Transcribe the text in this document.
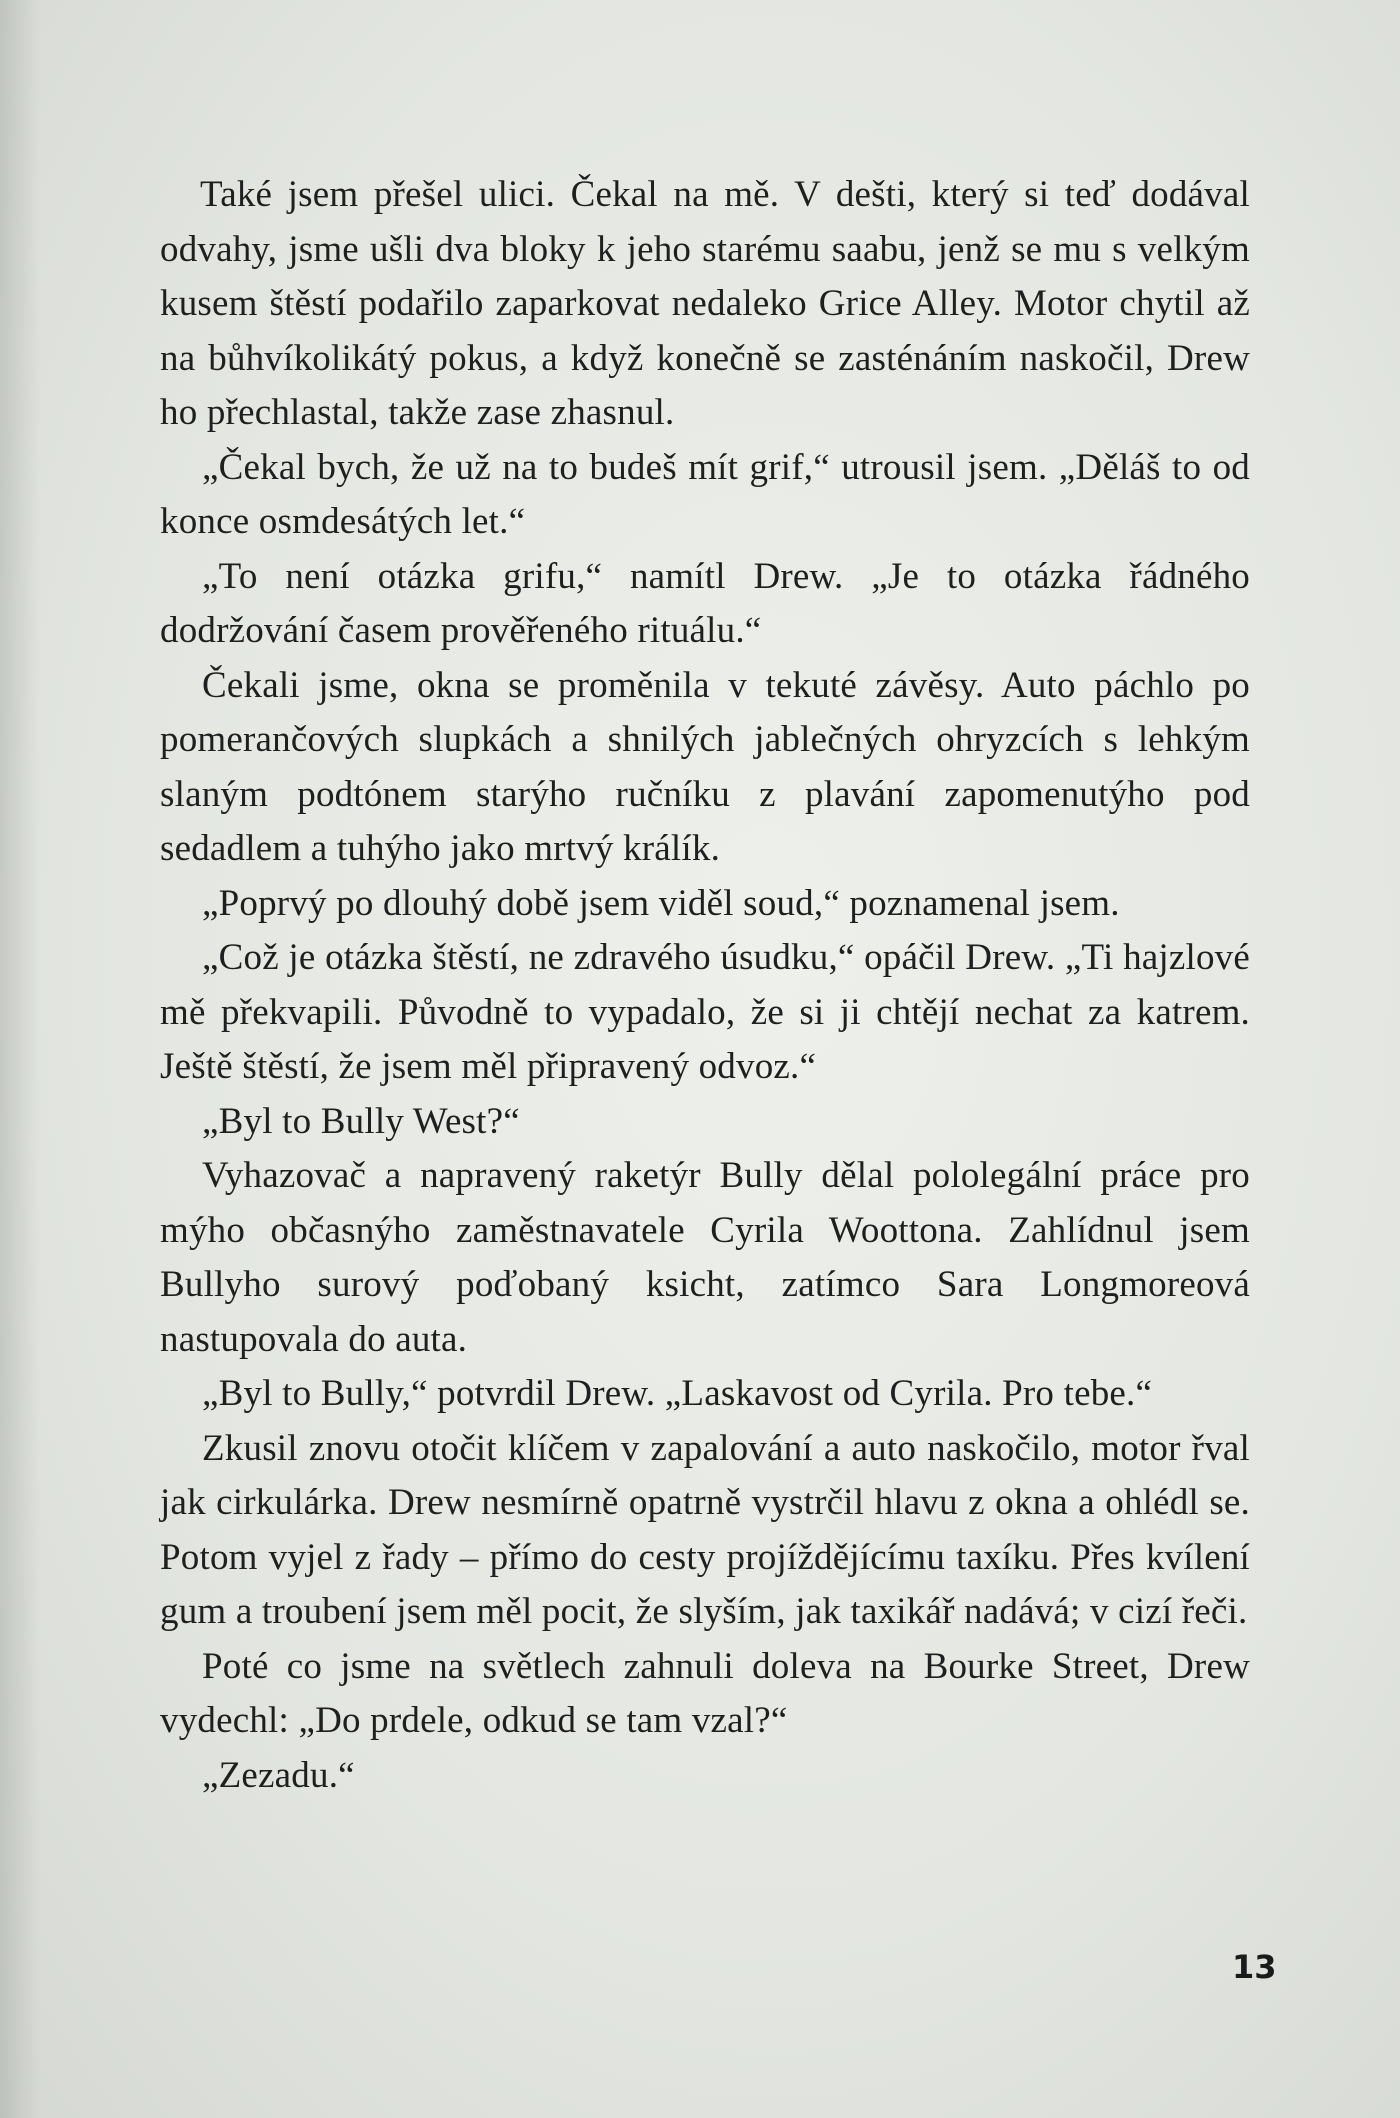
Také jsem přešel ulici. Čekal na mě. V dešti, který si teď dodával odvahy, jsme ušli dva bloky k jeho starému saabu, jenž se mu s velkým kusem štěstí podařilo zaparkovat nedaleko Grice Alley. Motor chytil až na bůhvíkolikátý pokus, a když konečně se zasténáním naskočil, Drew ho přechlastal, takže zase zhasnul.

„Čekal bych, že už na to budeš mít grif,“ utrousil jsem. „Děláš to od konce osmdesátých let.“

„To není otázka grifu,“ namítl Drew. „Je to otázka řádného dodržování časem prověřeného rituálu.“

Čekali jsme, okna se proměnila v tekuté závěsy. Auto páchlo po pomerančových slupkách a shnilých jablečných ohryzcích s lehkým slaným podtónem starýho ručníku z plavání zapomenutýho pod sedadlem a tuhýho jako mrtvý králík.

„Poprvý po dlouhý době jsem viděl soud,“ poznamenal jsem.

„Což je otázka štěstí, ne zdravého úsudku,“ opáčil Drew. „Ti hajzlové mě překvapili. Původně to vypadalo, že si ji chtějí nechat za katrem. Ještě štěstí, že jsem měl připravený odvoz.“

„Byl to Bully West?“

Vyhazovač a napravený raketýr Bully dělal pololegální práce pro mýho občasnýho zaměstnavatele Cyrila Woottona. Zahlídnul jsem Bullyho surový poďobaný ksicht, zatímco Sara Longmoreová nastupovala do auta.

„Byl to Bully,“ potvrdil Drew. „Laskavost od Cyrila. Pro tebe.“

Zkusil znovu otočit klíčem v zapalování a auto naskočilo, motor řval jak cirkulárka. Drew nesmírně opatrně vystrčil hlavu z okna a ohlédl se. Potom vyjel z řady – přímo do cesty projíždějícímu taxíku. Přes kvílení gum a troubení jsem měl pocit, že slyším, jak taxikář nadává; v cizí řeči.

Poté co jsme na světlech zahnuli doleva na Bourke Street, Drew vydechl: „Do prdele, odkud se tam vzal?“

„Zezadu.“

13
